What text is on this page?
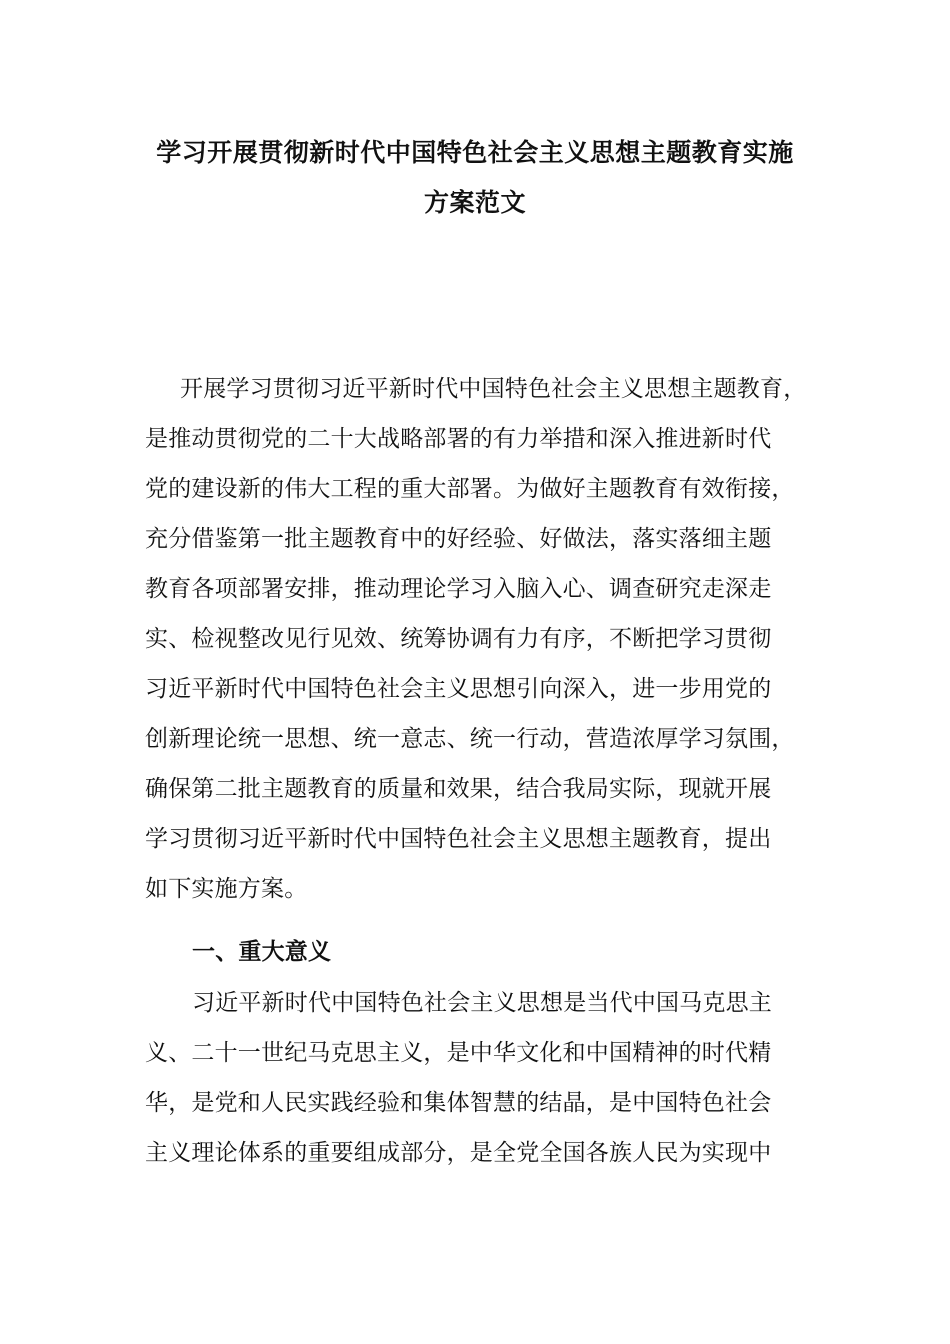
学习开展贯彻新时代中国特色社会主义思想主题教育实施
方案范文
开展学习贯彻习近平新时代中国特色社会主义思想主题教育，
是推动贯彻党的二十大战略部署的有力举措和深入推进新时代
党的建设新的伟大工程的重大部署。为做好主题教育有效衔接，
充分借鉴第一批主题教育中的好经验、好做法，落实落细主题
教育各项部署安排，推动理论学习入脑入心、调查研究走深走
实、检视整改见行见效、统筹协调有力有序，不断把学习贯彻
习近平新时代中国特色社会主义思想引向深入，进一步用党的
创新理论统一思想、统一意志、统一行动，营造浓厚学习氛围，
确保第二批主题教育的质量和效果，结合我局实际，现就开展
学习贯彻习近平新时代中国特色社会主义思想主题教育，提出
如下实施方案。
一、重大意义
习近平新时代中国特色社会主义思想是当代中国马克思主
义、二十一世纪马克思主义，是中华文化和中国精神的时代精
华，是党和人民实践经验和集体智慧的结晶，是中国特色社会
主义理论体系的重要组成部分，是全党全国各族人民为实现中
